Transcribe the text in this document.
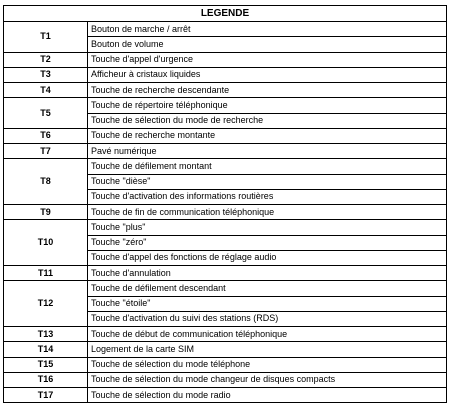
LEGENDE	
T1	Bouton de marche / arrêt
	Bouton de volume
T2	Touche d'appel d'urgence
T3	Afficheur à cristaux liquides
T4	Touche de recherche descendante
T5	Touche de répertoire téléphonique
	Touche de sélection du mode de recherche
T6	Touche de recherche montante
T7	Pavé numérique
T8	Touche de défilement montant
	Touche "dièse"
	Touche d'activation des informations routières
T9	Touche de fin de communication téléphonique
T10	Touche "plus"
	Touche "zéro"
	Touche d'appel des fonctions de réglage audio
T11	Touche d'annulation
T12	Touche de défilement descendant
	Touche "étoile"
	Touche d'activation du suivi des stations (RDS)
T13	Touche de début de communication téléphonique
T14	Logement de la carte SIM
T15	Touche de sélection du mode téléphone
T16	Touche de sélection du mode changeur de disques compacts
T17	Touche de sélection du mode radio
